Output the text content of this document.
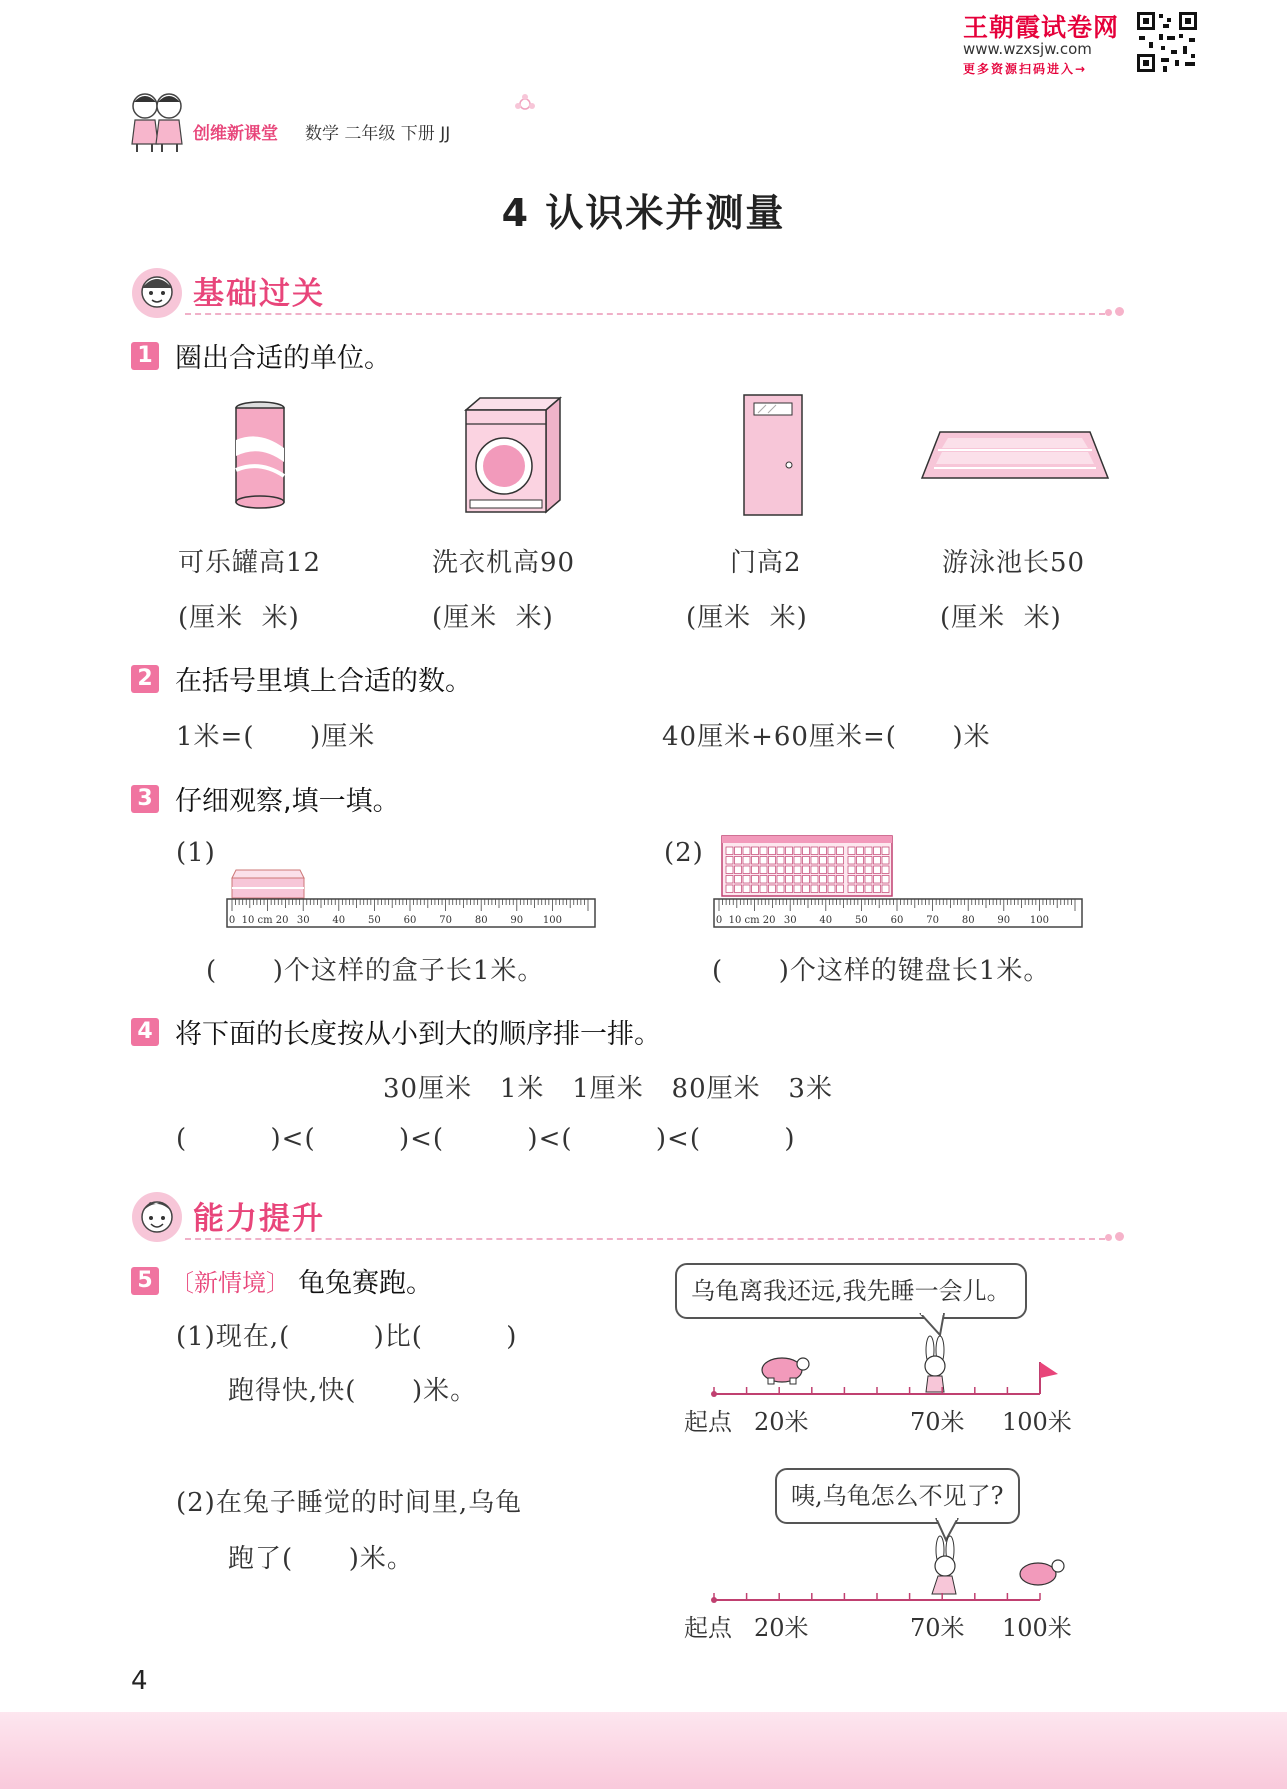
王朝霞试卷网
www.wzxsjw.com
更多资源扫码进入→
创维新课堂 数学 二年级 下册 JJ
4 认识米并测量
基础过关
1 圈出合适的单位。
可乐罐高12
(厘米  米)
洗衣机高90
(厘米  米)
门高2
(厘米  米)
游泳池长50
(厘米  米)
2 在括号里填上合适的数。
1米=(      )厘米	40厘米+60厘米=(      )米
3 仔细观察,填一填。
(1)	(2)
0 10 cm 20 30 40 50 60 70 80 90 100	0 10 cm 20 30 40 50 60 70 80 90 100
(      )个这样的盒子长1米。	(      )个这样的键盘长1米。
4 将下面的长度按从小到大的顺序排一排。
30厘米   1米   1厘米   80厘米   3米
(         )<(         )<(         )<(         )<(         )
能力提升
5 〔新情境〕 龟兔赛跑。
(1)现在,(         )比(         )
跑得快,快(      )米。
(2)在兔子睡觉的时间里,乌龟
跑了(      )米。
乌龟离我还远,我先睡一会儿。
起点 20米	70米 100米
咦,乌龟怎么不见了?
起点 20米	70米 100米
4
